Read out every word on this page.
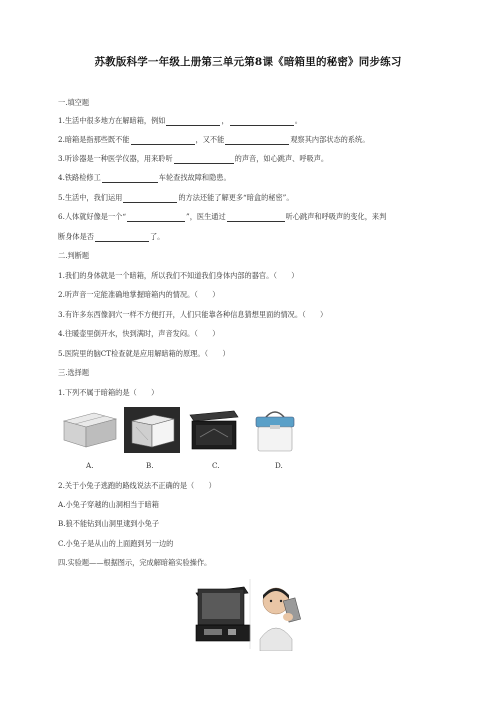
苏教版科学一年级上册第三单元第8课《暗箱里的秘密》同步练习
一.填空题
1.生活中很多地方在解暗箱，例如	，	。
2.暗箱是指那些既不能	，又不能	观察其内部状态的系统。
3.听诊器是一种医学仪器，用来聆听	的声音，如心跳声、呼吸声。
4.铁路检修工	车轮查找故障和隐患。
5.生活中，我们运用	的方法还能了解更多“暗盒的秘密”。
6.人体就好像是一个“	”，医生通过	听心跳声和呼吸声的变化，来判
断身体是否	了。
二.判断题
1.我们的身体就是一个暗箱，所以我们不知道我们身体内部的器官。（　　）
2.听声音一定能准确地掌握暗箱内的情况。（　　）
3.有许多东西像洞穴一样不方便打开，人们只能靠各种信息猜想里面的情况。（　　）
4.往暖壶里倒开水，快到满时，声音发闷。（　　）
5.医院里的脑CT检查就是应用解暗箱的原理。（　　）
三.选择题
1.下列不属于暗箱的是（　　）
A.	B.	C.	D.
2.关于小兔子逃跑的路线说法不正确的是（　　）
A.小兔子穿越的山洞相当于暗箱
B.狼不能钻到山洞里逮到小兔子
C.小兔子是从山的上面跑到另一边的
四.实验题——根据图示，完成解暗箱实验操作。
